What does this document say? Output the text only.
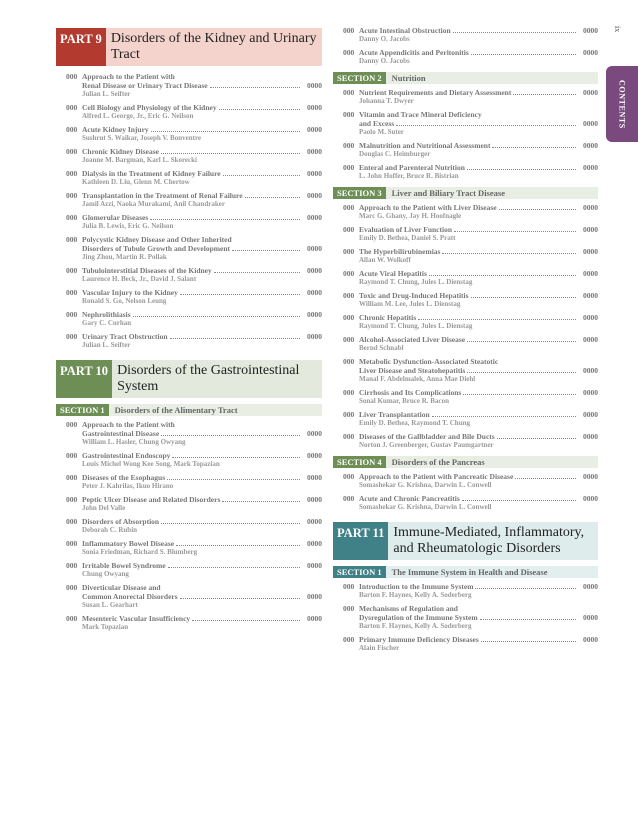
ix
CONTENTS
PART 9 Disorders of the Kidney and Urinary Tract
000 Approach to the Patient with
Renal Disease or Urinary Tract Disease	0000
Julian L. Seifter
000 Cell Biology and Physiology of the Kidney	0000
Alfred L. George, Jr., Eric G. Neilson
000 Acute Kidney Injury	0000
Sushrut S. Waikar, Joseph V. Bonventre
000 Chronic Kidney Disease	0000
Joanne M. Bargman, Karl L. Skorecki
000 Dialysis in the Treatment of Kidney Failure	0000
Kathleen D. Liu, Glenn M. Chertow
000 Transplantation in the Treatment of Renal Failure	0000
Jamil Azzi, Naoka Murakami, Anil Chandraker
000 Glomerular Diseases	0000
Julia B. Lewis, Eric G. Neilson
000 Polycystic Kidney Disease and Other Inherited
Disorders of Tubule Growth and Development	0000
Jing Zhou, Martin R. Pollak
000 Tubulointerstitial Diseases of the Kidney	0000
Laurence H. Beck, Jr., David J. Salant
000 Vascular Injury to the Kidney	0000
Ronald S. Go, Nelson Leung
000 Nephrolithiasis	0000
Gary C. Curhan
000 Urinary Tract Obstruction	0000
Julian L. Seifter
PART 10 Disorders of the Gastrointestinal System
SECTION 1	Disorders of the Alimentary Tract
000 Approach to the Patient with
Gastrointestinal Disease	0000
William L. Hasler, Chung Owyang
000 Gastrointestinal Endoscopy	0000
Louis Michel Wong Kee Song, Mark Topazian
000 Diseases of the Esophagus	0000
Peter J. Kahrilas, Ikuo Hirano
000 Peptic Ulcer Disease and Related Disorders	0000
John Del Valle
000 Disorders of Absorption	0000
Deborah C. Rubin
000 Inflammatory Bowel Disease	0000
Sonia Friedman, Richard S. Blumberg
000 Irritable Bowel Syndrome	0000
Chung Owyang
000 Diverticular Disease and
Common Anorectal Disorders	0000
Susan L. Gearhart
000 Mesenteric Vascular Insufficiency	0000
Mark Topazian
000 Acute Intestinal Obstruction	0000
Danny O. Jacobs
000 Acute Appendicitis and Peritonitis	0000
Danny O. Jacobs
SECTION 2	Nutrition
000 Nutrient Requirements and Dietary Assessment	0000
Johanna T. Dwyer
000 Vitamin and Trace Mineral Deficiency
and Excess	0000
Paolo M. Suter
000 Malnutrition and Nutritional Assessment	0000
Douglas C. Heimburger
000 Enteral and Parenteral Nutrition	0000
L. John Hoffer, Bruce R. Bistrian
SECTION 3	Liver and Biliary Tract Disease
000 Approach to the Patient with Liver Disease	0000
Marc G. Ghany, Jay H. Hoofnagle
000 Evaluation of Liver Function	0000
Emily D. Bethea, Daniel S. Pratt
000 The Hyperbilirubinemias	0000
Allan W. Wolkoff
000 Acute Viral Hepatitis	0000
Raymond T. Chung, Jules L. Dienstag
000 Toxic and Drug-Induced Hepatitis	0000
William M. Lee, Jules L. Dienstag
000 Chronic Hepatitis	0000
Raymond T. Chung, Jules L. Dienstag
000 Alcohol-Associated Liver Disease	0000
Bernd Schnabl
000 Metabolic Dysfunction-Associated Steatotic
Liver Disease and Steatohepatitis	0000
Manal F. Abdelmalek, Anna Mae Diehl
000 Cirrhosis and Its Complications	0000
Sonal Kumar, Bruce R. Bacon
000 Liver Transplantation	0000
Emily D. Bethea, Raymond T. Chung
000 Diseases of the Gallbladder and Bile Ducts	0000
Norton J. Greenberger, Gustav Paumgartner
SECTION 4	Disorders of the Pancreas
000 Approach to the Patient with Pancreatic Disease	0000
Somashekar G. Krishna, Darwin L. Conwell
000 Acute and Chronic Pancreatitis	0000
Somashekar G. Krishna, Darwin L. Conwell
PART 11 Immune-Mediated, Inflammatory, and Rheumatologic Disorders
SECTION 1	The Immune System in Health and Disease
000 Introduction to the Immune System	0000
Barton F. Haynes, Kelly A. Soderberg
000 Mechanisms of Regulation and
Dysregulation of the Immune System	0000
Barton F. Haynes, Kelly A. Soderberg
000 Primary Immune Deficiency Diseases	0000
Alain Fischer
